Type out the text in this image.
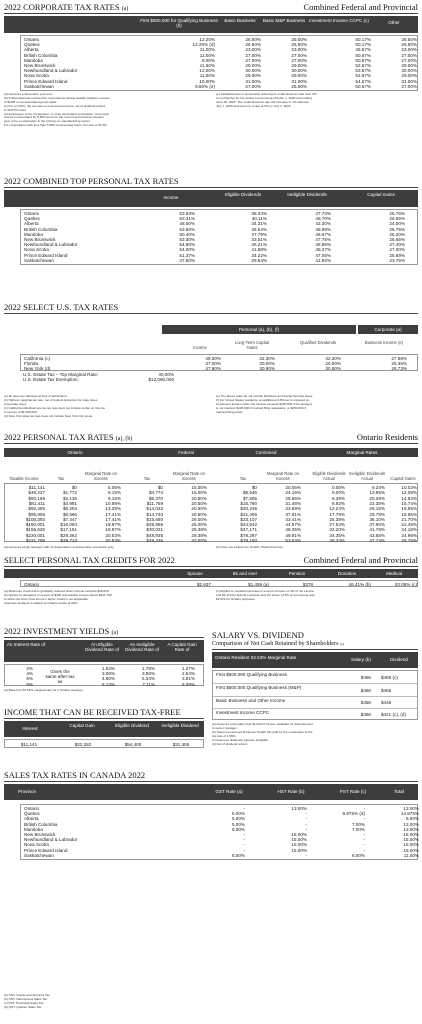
2022 CORPORATE TAX RATES (a)	Combined Federal and Provincial
First $500,000 for Qualifying Business (b)
Basic Business	Basic M&P Business Investment Income CCPC (c)	Other
Ontario	12.20%	26.50%	25.00%	50.17%	26.50%
Quebec	12.20% (d)	26.50%	26.50%	50.17%	26.50%
Alberta	11.00%	23.00%	23.00%	46.67%	23.00%
British Columbia	11.00%	27.00%	27.00%	50.67%	27.00%
Manitoba	9.00%	27.00%	27.00%	50.67%	27.00%
New Brunswick	11.50%	29.00%	29.00%	52.67%	29.00%
Newfoundland & Labrador	12.00%	30.00%	30.00%	53.67%	30.00%
Nova Scotia	11.50%	29.00%	29.00%	52.67%	29.00%
Prince Edward Island	10.00%	31.00%	31.00%	54.67%	31.00%
Saskatchewan	9.50% (e)	27.00%	25.00%	50.67%	27.00%
(a) Assumes a December year end.
(b) Preferential rate reduced for corporations having taxable capital in excess
of $10M on an associated group basis.
(c) For a CCPC, the tax rate on investment income, net of dividend refund,
is 30.67% lower.
(d) Employees of the corporation, or of an associated corporation, must work
and be remunerated for 5,500 hours for the current and previous taxation
year or be a corporation in the primary or manufacturing sector.
For corporations with less than 5,500 remunerated hours, the rate is 20.5%.
(e) Saskatchewan is temporarily reducing its small-business rate from 2%
to nil effective for the period commencing October 1, 2020 and ending
June 30, 2022. The small-business rate will increase to 1% effective
July 1, 2022 and return to a rate of 2% on July 1, 2023.
2022 COMBINED TOP PERSONAL TAX RATES
Income
Eligible Dividends	Ineligible Dividends	Capital Gains
Ontario	53.53%	39.34%	47.74%	26.76%
Quebec	53.31%	40.11%	48.70%	26.65%
Alberta	48.00%	34.31%	42.30%	24.00%
British Columbia	53.50%	36.54%	48.89%	26.75%
Manitoba	50.40%	37.79%	46.67%	25.20%
New Brunswick	53.30%	33.51%	47.75%	26.65%
Newfoundland & Labrador	54.80%	46.21%	48.96%	27.40%
Nova Scotia	54.00%	41.58%	48.27%	27.00%
Prince Edward Island	51.37%	34.22%	47.05%	25.69%
Saskatchewan	47.50%	29.64%	41.82%	23.75%
2022 SELECT U.S. TAX RATES
Personal (a), (b), (f)	Corporate (a)
Income
Long-Term Capital Gains
Qualified Dividends	Business Income (e)
California (c)	49.30%	32.30%	32.30%	27.98%
Florida	37.00%	20.00%	20.00%	25.35%
New York (d)	47.90%	30.90%	30.90%	26.73%
U.S. Estate Tax – Top Marginal Rate:	40.00%
U.S. Estate Tax Exemption:	$12,060,000
(a) All rates are effective at time of publication.
(b) Highest marginal tax rate, net of federal deduction for state taxes
(corporate only).
(c) California individual income tax rate does not include surtax on income
in excess of $1,000,000.
(d) New York state tax rate does not include New York City taxes.
(e) The above rates do not include Medicare and Social Security taxes.
(f) For United States residents, an additional 3.8% tax is imposed on
investment income when the income exceeds $200,000 if the taxpayer
is not married, $125,000 if married filing separately, or $250,000 if
married filing jointly.
2022 PERSONAL TAX RATES (a), (b)	Ontario Residents
Ontario	Federal	Combined	Marginal Rates
Taxable Income	Tax
Marginal Rate on Excess	Tax
Marginal Rate on Excess	Tax
Marginal Rate on Excess
Eligible Dividends Actual
Ineligible Dividends Actual	Capital Gains
$11,141	$0	5.05%	$0	15.00%	$0	20.05%	0.00%	9.24%	10.03%
$46,227	$1,772	9.15%	$4,774	15.00%	$6,546	24.15%	0.00%	13.95%	12.08%
$50,198	$2,135	9.15%	$5,370	20.50%	$7,505	29.65%	6.39%	20.28%	14.83%
$81,411	$4,991	10.98%	$11,769	20.50%	$16,760	31.48%	8.92%	22.38%	15.74%
$92,455	$6,204	13.39%	$14,033	20.50%	$20,236	33.89%	12.24%	25.16%	16.95%
$95,906	$6,666	17.41%	$14,740	20.50%	$21,406	37.91%	17.79%	29.78%	18.95%
$100,393	$7,447	17.41%	$15,660	26.00%	$23,107	43.41%	25.38%	36.10%	21.70%
$150,001	$16,084	18.97%	$28,558	26.00%	$44,642	44.97%	27.53%	37.90%	22.48%
$155,626	$17,151	18.97%	$30,021	29.38%	$47,171	48.35%	32.20%	41.78%	24.18%
$220,001	$29,362	20.53%	$48,935	29.38%	$78,297	49.91%	34.35%	43.58%	24.96%
$221,709	$29,713	20.53%	$49,436	33.00%	$79,150	53.53%	39.34%	47.74%	26.76%
(a) Assumes single taxpayer with no dependents receiving basic exemption only.	(b) Does not include the Ontario Health Premium.
SELECT PERSONAL TAX CREDITS FOR 2022	Combined Federal and Provincial
Spouse	65 and over	Pension	Donation	Medical
Ontario	$2,637	$1,459 (a)	$378	46.41% (b)	20.05% (c)
(a) Maximum credit that is gradually reduced when income exceeds $39,826.
(b) Applies to donations in excess of $200 and taxable income below $221,708
to which the First-Time Donor's Super Credit is not applicable.
Assumes taxpayer is subject to Ontario surtax at 56%.
(c) Applies to medical expenses in excess of lesser of 3% of net income
and $2,479 for federal purposes and the lesser of 3% of net income and
$2,522 for Ontario purposes.
2022 INVESTMENT YIELDS (a)
An Interest Rate of	An Eligible Dividend Rate of
An Ineligible Dividend Rate of
A Capital Gain Rate of
2%	1.53%	1.78%	1.27%
4%	3.06%	3.56%	2.54%
6%	4.60%	5.34%	3.81%
8%	6.13%	7.11%	5.08%
Gives the same after-tax as
(a) Based on 53.53% marginal rate for a Ontario taxpayer.
SALARY VS. DIVIDEND
Comparison of Net Cash Retained by Shareholders (a)
Ontario Resident 53.53% Marginal Rate	Salary (b)	Dividend
First $500,000 Qualifying Business	$456 $459 (c)
First $500,000 Qualifying Business (M&P)	$456 $455
Basic Business and Other Income	$456 $446
Investment Income CCPC	$456 $421 (c), (d)
(a) Assumes corporation has $1,000 of income available for disbursement
to owner manager.
(b) Takes into account Employer Health Tax paid by the corporation at the
top rate of 1.95%.
(c) Assumes dividends paid are ineligible.
(d) Net of dividend refund.
INCOME THAT CAN BE RECEIVED TAX-FREE
Interest
Capital Gain	Eligible Dividend	Ineligible Dividend
$11,141	$22,282	$54,400	$31,455
SALES TAX RATES IN CANADA 2022
Province	GST Rate (a)	HST Rate (b)	PST Rate (c)	Total
Ontario	-	13.00%	-	13.00%
Quebec	5.00%	-	9.975% (d)	14.975%
Alberta	5.00%	-	-	5.00%
British Columbia	5.00%	-	7.00%	12.00%
Manitoba	5.00%	-	7.00%	12.00%
New Brunswick	-	15.00%	-	15.00%
Newfoundland & Labrador	-	15.00%	-	15.00%
Nova Scotia	-	15.00%	-	15.00%
Prince Edward Island	-	15.00%	-	15.00%
Saskatchewan	5.00%	-	6.00%	11.00%
(a) GST: Goods and Services Tax
(b) HST: Harmonized Sales Tax
(c) PST: Provincial Sales Tax
(d) QST: Quebec Sales Tax
